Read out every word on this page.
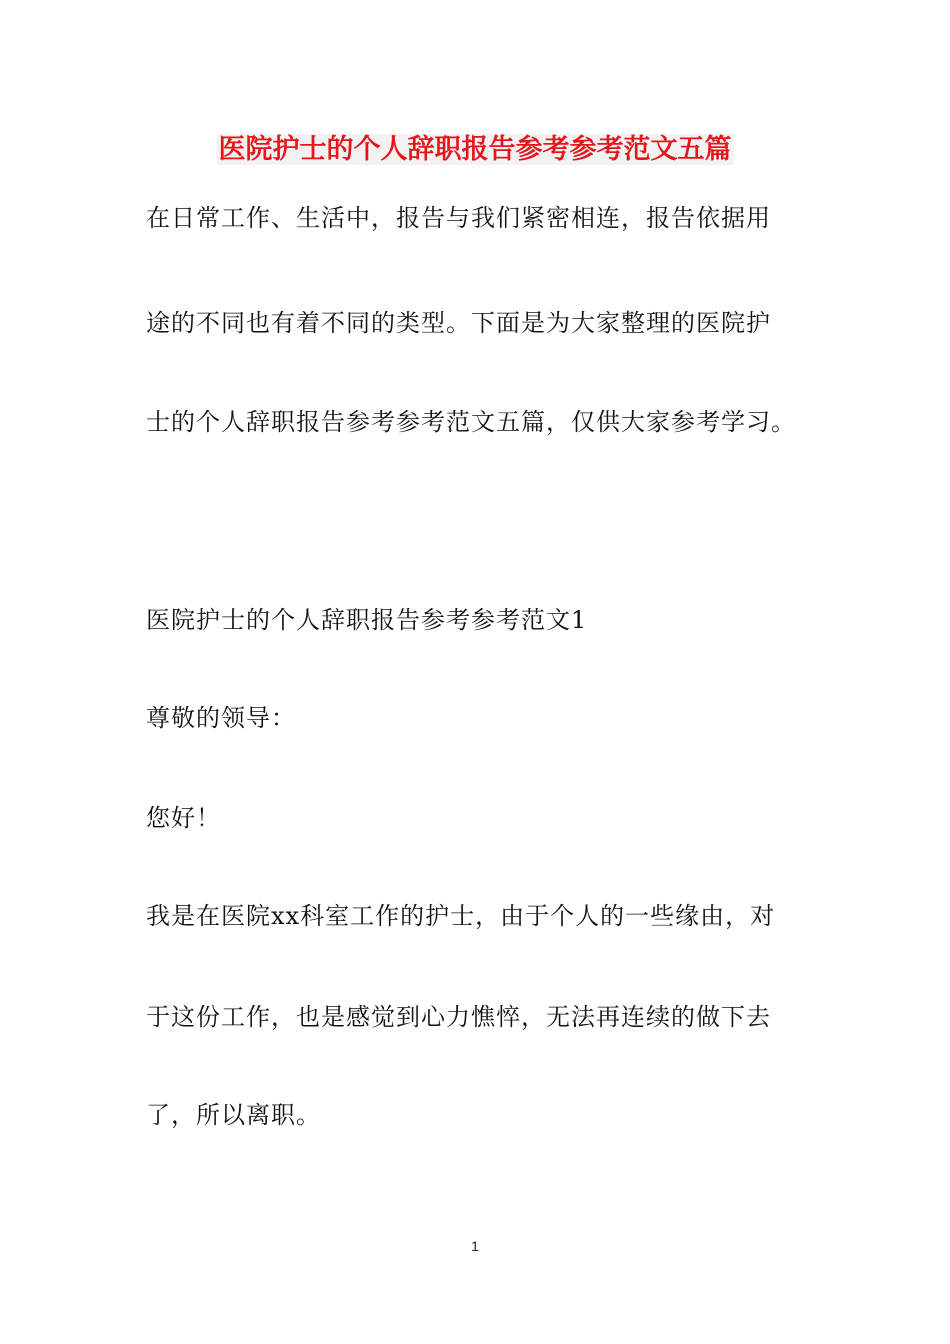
医院护士的个人辞职报告参考参考范文五篇
在日常工作、生活中，报告与我们紧密相连，报告依据用
途的不同也有着不同的类型。下面是为大家整理的医院护
士的个人辞职报告参考参考范文五篇，仅供大家参考学习。
医院护士的个人辞职报告参考参考范文1
尊敬的领导：
您好！
我是在医院xx科室工作的护士，由于个人的一些缘由，对
于这份工作，也是感觉到心力憔悴，无法再连续的做下去
了，所以离职。
1
